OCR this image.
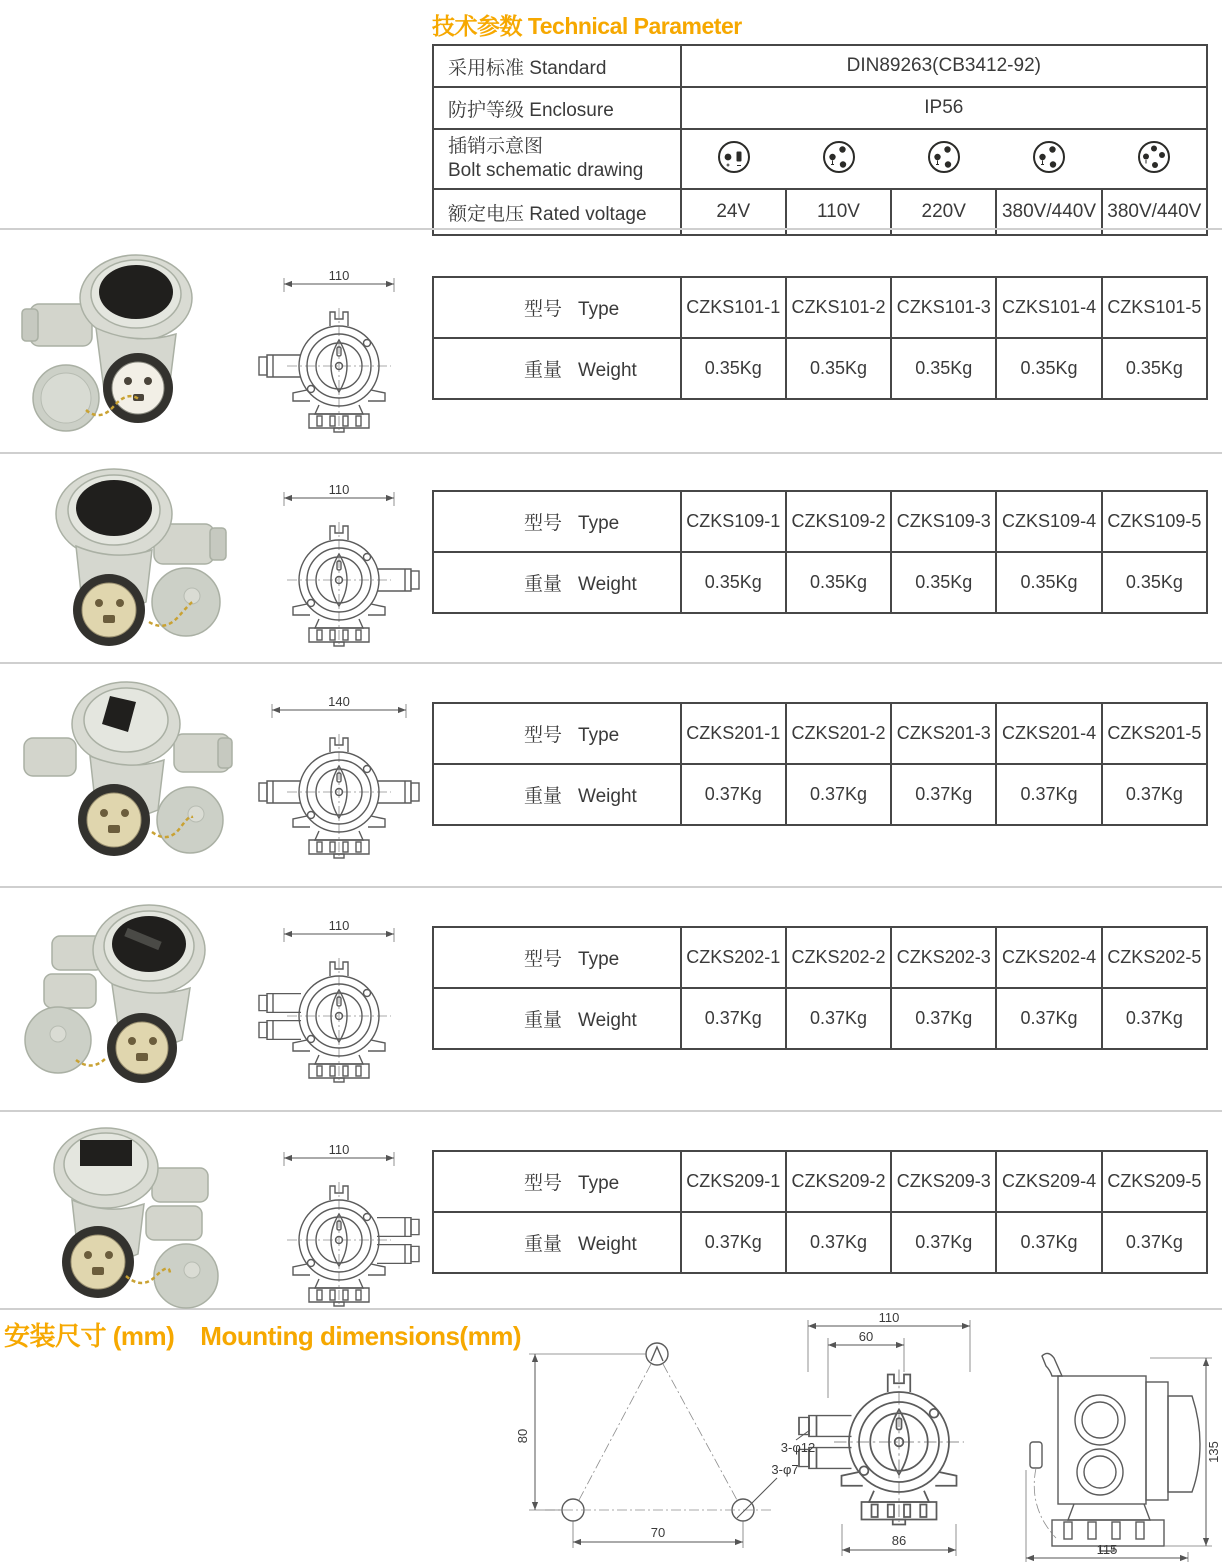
技术参数 Technical Parameter
采用标准 Standard	DIN89263(CB3412-92)				
防护等级 Enclosure	IP56				

插销示意图
Bolt schematic drawing

额定电压 Rated voltage	24V	110V	220V	380V/440V	380V/440V
110
型号 Type	CZKS101-1	CZKS101-2	CZKS101-3	CZKS101-4	CZKS101-5
重量 Weight	0.35Kg	0.35Kg	0.35Kg	0.35Kg	0.35Kg
110
型号 Type	CZKS109-1	CZKS109-2	CZKS109-3	CZKS109-4	CZKS109-5
重量 Weight	0.35Kg	0.35Kg	0.35Kg	0.35Kg	0.35Kg
140
型号 Type	CZKS201-1	CZKS201-2	CZKS201-3	CZKS201-4	CZKS201-5
重量 Weight	0.37Kg	0.37Kg	0.37Kg	0.37Kg	0.37Kg
110
型号 Type	CZKS202-1	CZKS202-2	CZKS202-3	CZKS202-4	CZKS202-5
重量 Weight	0.37Kg	0.37Kg	0.37Kg	0.37Kg	0.37Kg
110
型号 Type	CZKS209-1	CZKS209-2	CZKS209-3	CZKS209-4	CZKS209-5
重量 Weight	0.37Kg	0.37Kg	0.37Kg	0.37Kg	0.37Kg
安装尺寸 (mm) Mounting dimensions(mm)
80
70
3-φ7
110
60
3-φ12
86
135
115
